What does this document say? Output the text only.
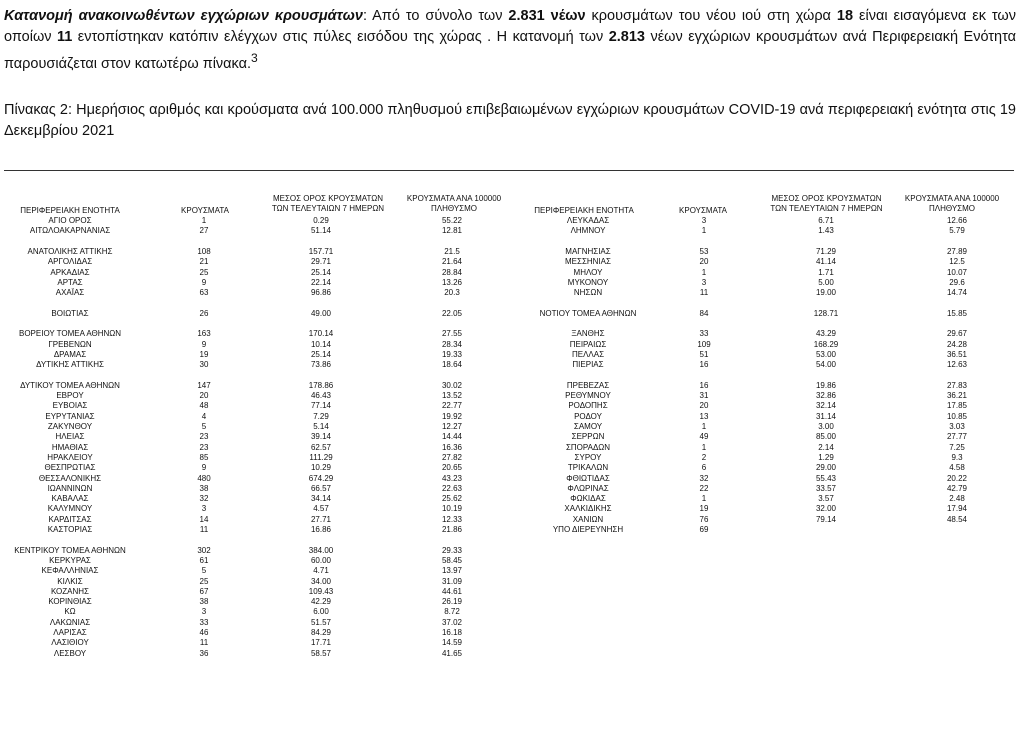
Κατανομή ανακοινωθέντων εγχώριων κρουσμάτων: Από το σύνολο των 2.831 νέων κρουσμάτων του νέου ιού στη χώρα 18 είναι εισαγόμενα εκ των οποίων 11 εντοπίστηκαν κατόπιν ελέγχων στις πύλες εισόδου της χώρας . Η κατανομή των 2.813 νέων εγχώριων κρουσμάτων ανά Περιφερειακή Ενότητα παρουσιάζεται στον κατωτέρω πίνακα.$^3$
Πίνακας 2: Ημερήσιος αριθμός και κρούσματα ανά 100.000 πληθυσμού επιβεβαιωμένων εγχώριων κρουσμάτων COVID-19 ανά περιφερειακή ενότητα στις 19 Δεκεμβρίου 2021
ΠΕΡΙΦΕΡΕΙΑΚΗ ΕΝΟΤΗΤΑ	ΚΡΟΥΣΜΑΤΑ
ΜΕΣΟΣ ΟΡΟΣ ΚΡΟΥΣΜΑΤΩΝ ΤΩΝ ΤΕΛΕΥΤΑΙΩΝ 7 ΗΜΕΡΩΝ
ΚΡΟΥΣΜΑΤΑ ΑΝΑ 100000 ΠΛΗΘΥΣΜΟ
ΑΓΙΟ ΟΡΟΣ	1	0.29	55.22
ΑΙΤΩΛΟΑΚΑΡΝΑΝΙΑΣ	27	51.14	12.81
ΑΝΑΤΟΛΙΚΗΣ ΑΤΤΙΚΗΣ	108	157.71	21.5
ΑΡΓΟΛΙΔΑΣ	21	29.71	21.64
ΑΡΚΑΔΙΑΣ	25	25.14	28.84
ΑΡΤΑΣ	9	22.14	13.26
ΑΧΑΪΑΣ	63	96.86	20.3
ΒΟΙΩΤΙΑΣ	26	49.00	22.05
ΒΟΡΕΙΟΥ ΤΟΜΕΑ ΑΘΗΝΩΝ	163	170.14	27.55
ΓΡΕΒΕΝΩΝ	9	10.14	28.34
ΔΡΑΜΑΣ	19	25.14	19.33
ΔΥΤΙΚΗΣ ΑΤΤΙΚΗΣ	30	73.86	18.64
ΔΥΤΙΚΟΥ ΤΟΜΕΑ ΑΘΗΝΩΝ	147	178.86	30.02
ΕΒΡΟΥ	20	46.43	13.52
ΕΥΒΟΙΑΣ	48	77.14	22.77
ΕΥΡΥΤΑΝΙΑΣ	4	7.29	19.92
ΖΑΚΥΝΘΟΥ	5	5.14	12.27
ΗΛΕΙΑΣ	23	39.14	14.44
ΗΜΑΘΙΑΣ	23	62.57	16.36
ΗΡΑΚΛΕΙΟΥ	85	111.29	27.82
ΘΕΣΠΡΩΤΙΑΣ	9	10.29	20.65
ΘΕΣΣΑΛΟΝΙΚΗΣ	480	674.29	43.23
ΙΩΑΝΝΙΝΩΝ	38	66.57	22.63
ΚΑΒΑΛΑΣ	32	34.14	25.62
ΚΑΛΥΜΝΟΥ	3	4.57	10.19
ΚΑΡΔΙΤΣΑΣ	14	27.71	12.33
ΚΑΣΤΟΡΙΑΣ	11	16.86	21.86
ΚΕΝΤΡΙΚΟΥ ΤΟΜΕΑ ΑΘΗΝΩΝ	302	384.00	29.33
ΚΕΡΚΥΡΑΣ	61	60.00	58.45
ΚΕΦΑΛΛΗΝΙΑΣ	5	4.71	13.97
ΚΙΛΚΙΣ	25	34.00	31.09
ΚΟΖΑΝΗΣ	67	109.43	44.61
ΚΟΡΙΝΘΙΑΣ	38	42.29	26.19
ΚΩ	3	6.00	8.72
ΛΑΚΩΝΙΑΣ	33	51.57	37.02
ΛΑΡΙΣΑΣ	46	84.29	16.18
ΛΑΣΙΘΙΟΥ	11	17.71	14.59
ΛΕΣΒΟΥ	36	58.57	41.65
ΠΕΡΙΦΕΡΕΙΑΚΗ ΕΝΟΤΗΤΑ	ΚΡΟΥΣΜΑΤΑ
ΜΕΣΟΣ ΟΡΟΣ ΚΡΟΥΣΜΑΤΩΝ ΤΩΝ ΤΕΛΕΥΤΑΙΩΝ 7 ΗΜΕΡΩΝ
ΚΡΟΥΣΜΑΤΑ ΑΝΑ 100000 ΠΛΗΘΥΣΜΟ
ΛΕΥΚΑΔΑΣ	3	6.71	12.66
ΛΗΜΝΟΥ	1	1.43	5.79
ΜΑΓΝΗΣΙΑΣ	53	71.29	27.89
ΜΕΣΣΗΝΙΑΣ	20	41.14	12.5
ΜΗΛΟΥ	1	1.71	10.07
ΜΥΚΟΝΟΥ	3	5.00	29.6
ΝΗΣΩΝ	11	19.00	14.74
ΝΟΤΙΟΥ ΤΟΜΕΑ ΑΘΗΝΩΝ	84	128.71	15.85
ΞΑΝΘΗΣ	33	43.29	29.67
ΠΕΙΡΑΙΩΣ	109	168.29	24.28
ΠΕΛΛΑΣ	51	53.00	36.51
ΠΙΕΡΙΑΣ	16	54.00	12.63
ΠΡΕΒΕΖΑΣ	16	19.86	27.83
ΡΕΘΥΜΝΟΥ	31	32.86	36.21
ΡΟΔΟΠΗΣ	20	32.14	17.85
ΡΟΔΟΥ	13	31.14	10.85
ΣΑΜΟΥ	1	3.00	3.03
ΣΕΡΡΩΝ	49	85.00	27.77
ΣΠΟΡΑΔΩΝ	1	2.14	7.25
ΣΥΡΟΥ	2	1.29	9.3
ΤΡΙΚΑΛΩΝ	6	29.00	4.58
ΦΘΙΩΤΙΔΑΣ	32	55.43	20.22
ΦΛΩΡΙΝΑΣ	22	33.57	42.79
ΦΩΚΙΔΑΣ	1	3.57	2.48
ΧΑΛΚΙΔΙΚΗΣ	19	32.00	17.94
ΧΑΝΙΩΝ	76	79.14	48.54
ΥΠΟ ΔΙΕΡΕΥΝΗΣΗ	69
